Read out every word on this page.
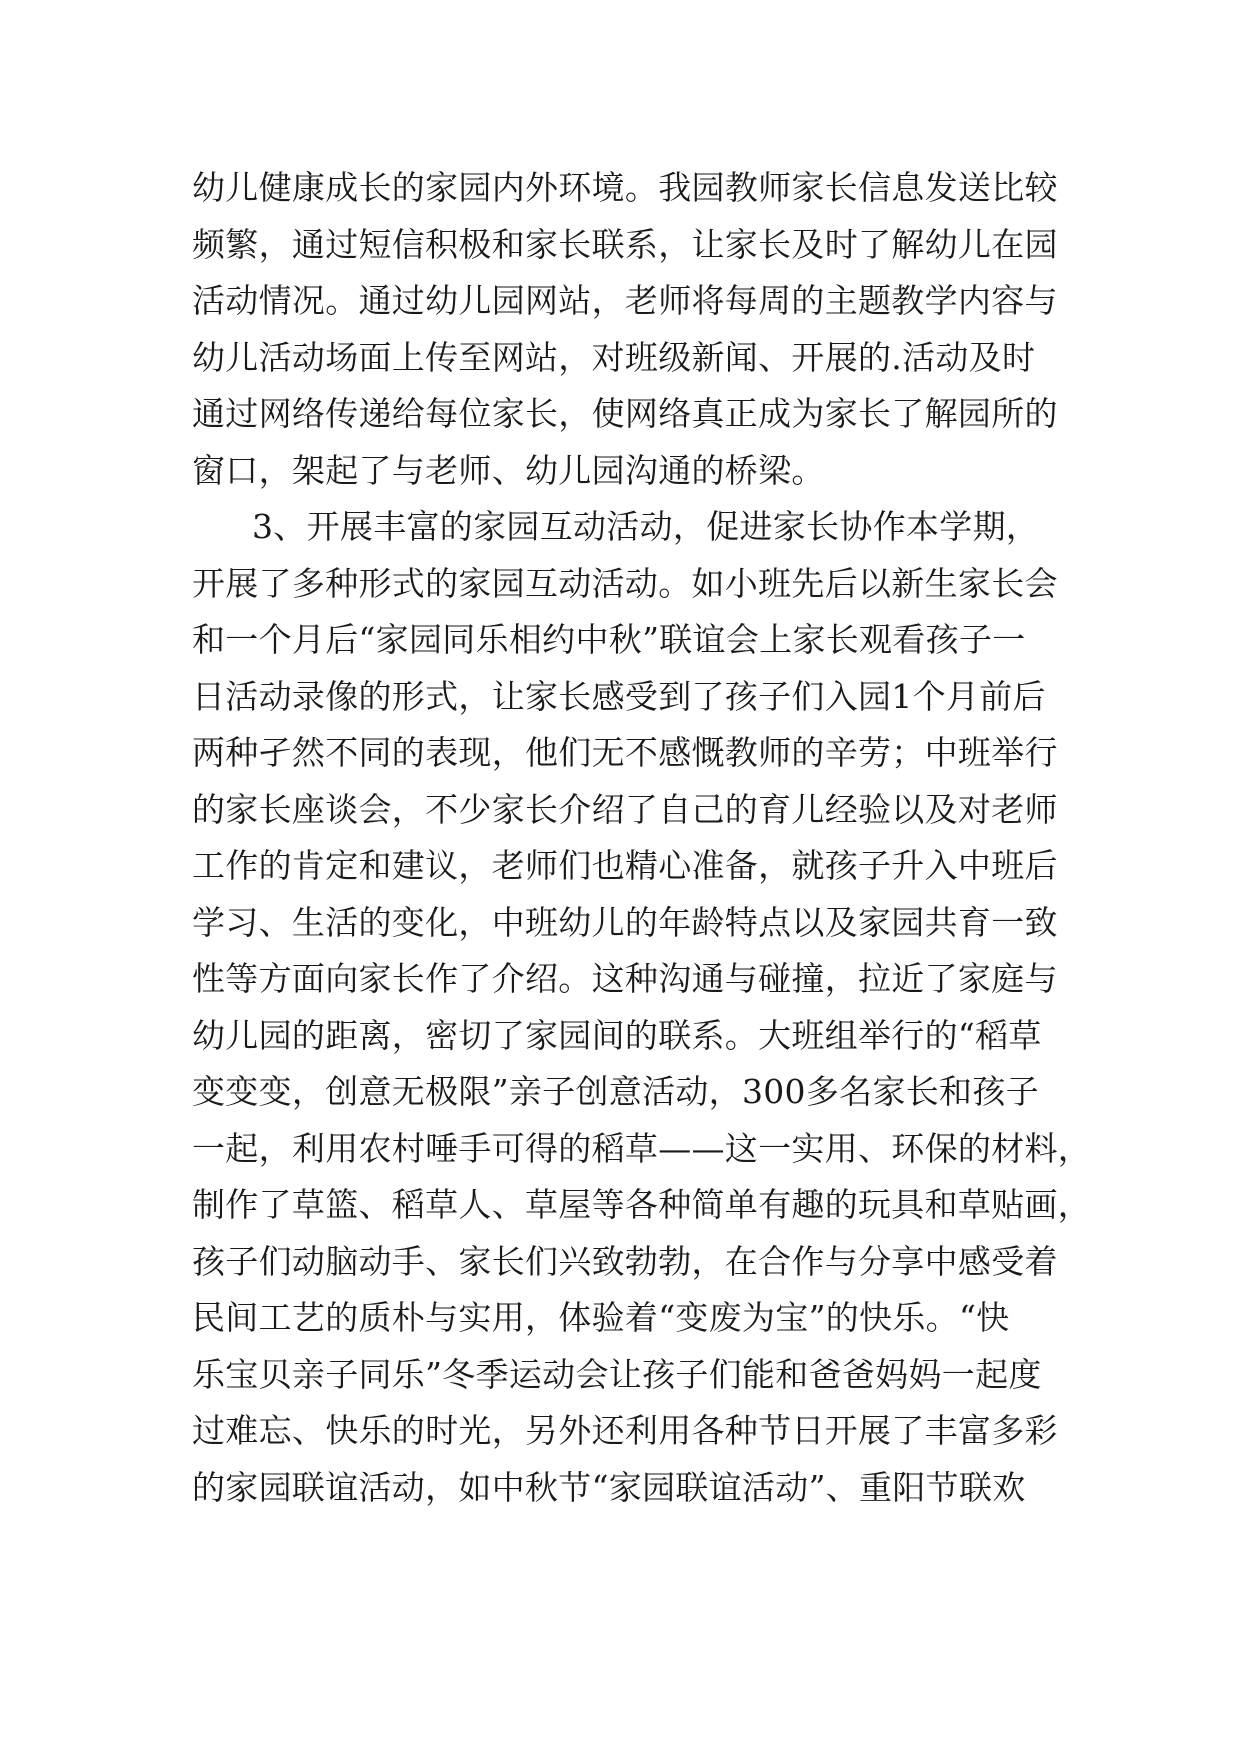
幼儿健康成长的家园内外环境。我园教师家长信息发送比较
频繁，通过短信积极和家长联系，让家长及时了解幼儿在园
活动情况。通过幼儿园网站，老师将每周的主题教学内容与
幼儿活动场面上传至网站，对班级新闻、开展的.活动及时
通过网络传递给每位家长，使网络真正成为家长了解园所的
窗口，架起了与老师、幼儿园沟通的桥梁。
3、开展丰富的家园互动活动，促进家长协作本学期，
开展了多种形式的家园互动活动。如小班先后以新生家长会
和一个月后“家园同乐相约中秋”联谊会上家长观看孩子一
日活动录像的形式，让家长感受到了孩子们入园1个月前后
两种孑然不同的表现，他们无不感慨教师的辛劳；中班举行
的家长座谈会，不少家长介绍了自己的育儿经验以及对老师
工作的肯定和建议，老师们也精心准备，就孩子升入中班后
学习、生活的变化，中班幼儿的年龄特点以及家园共育一致
性等方面向家长作了介绍。这种沟通与碰撞，拉近了家庭与
幼儿园的距离，密切了家园间的联系。大班组举行的“稻草
变变变，创意无极限”亲子创意活动，300多名家长和孩子
一起，利用农村唾手可得的稻草——这一实用、环保的材料，
制作了草篮、稻草人、草屋等各种简单有趣的玩具和草贴画，
孩子们动脑动手、家长们兴致勃勃，在合作与分享中感受着
民间工艺的质朴与实用，体验着“变废为宝”的快乐。“快
乐宝贝亲子同乐”冬季运动会让孩子们能和爸爸妈妈一起度
过难忘、快乐的时光，另外还利用各种节日开展了丰富多彩
的家园联谊活动，如中秋节“家园联谊活动”、重阳节联欢
